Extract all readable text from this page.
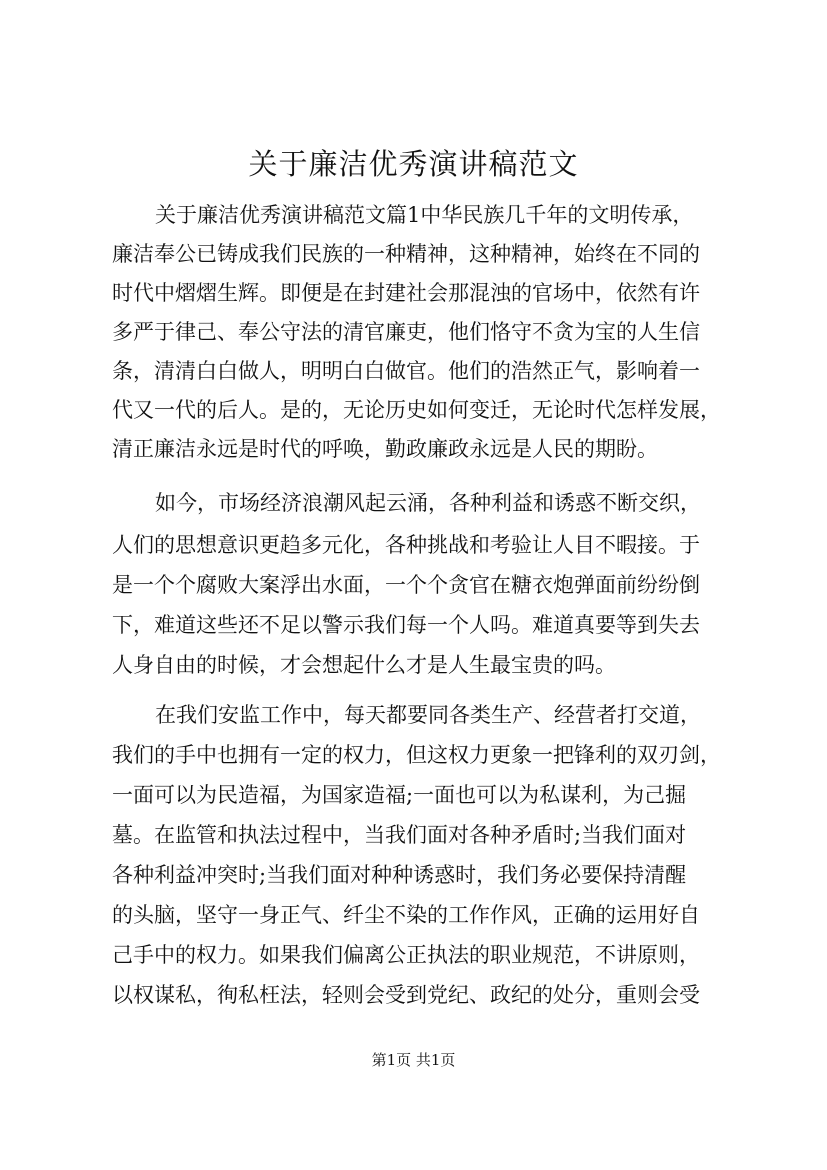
关于廉洁优秀演讲稿范文

关于廉洁优秀演讲稿范文篇1中华民族几千年的文明传承，

廉洁奉公已铸成我们民族的一种精神，这种精神，始终在不同的

时代中熠熠生辉。即便是在封建社会那混浊的官场中，依然有许

多严于律己、奉公守法的清官廉吏，他们恪守不贪为宝的人生信

条，清清白白做人，明明白白做官。他们的浩然正气，影响着一

代又一代的后人。是的，无论历史如何变迁，无论时代怎样发展，

清正廉洁永远是时代的呼唤，勤政廉政永远是人民的期盼。

如今，市场经济浪潮风起云涌，各种利益和诱惑不断交织，

人们的思想意识更趋多元化，各种挑战和考验让人目不暇接。于

是一个个腐败大案浮出水面，一个个贪官在糖衣炮弹面前纷纷倒

下，难道这些还不足以警示我们每一个人吗。难道真要等到失去

人身自由的时候，才会想起什么才是人生最宝贵的吗。

在我们安监工作中，每天都要同各类生产、经营者打交道，

我们的手中也拥有一定的权力，但这权力更象一把锋利的双刃剑，

一面可以为民造福，为国家造福;一面也可以为私谋利，为己掘

墓。在监管和执法过程中，当我们面对各种矛盾时;当我们面对

各种利益冲突时;当我们面对种种诱惑时，我们务必要保持清醒

的头脑，坚守一身正气、纤尘不染的工作作风，正确的运用好自

己手中的权力。如果我们偏离公正执法的职业规范，不讲原则，

以权谋私，徇私枉法，轻则会受到党纪、政纪的处分，重则会受

第1页 共1页
